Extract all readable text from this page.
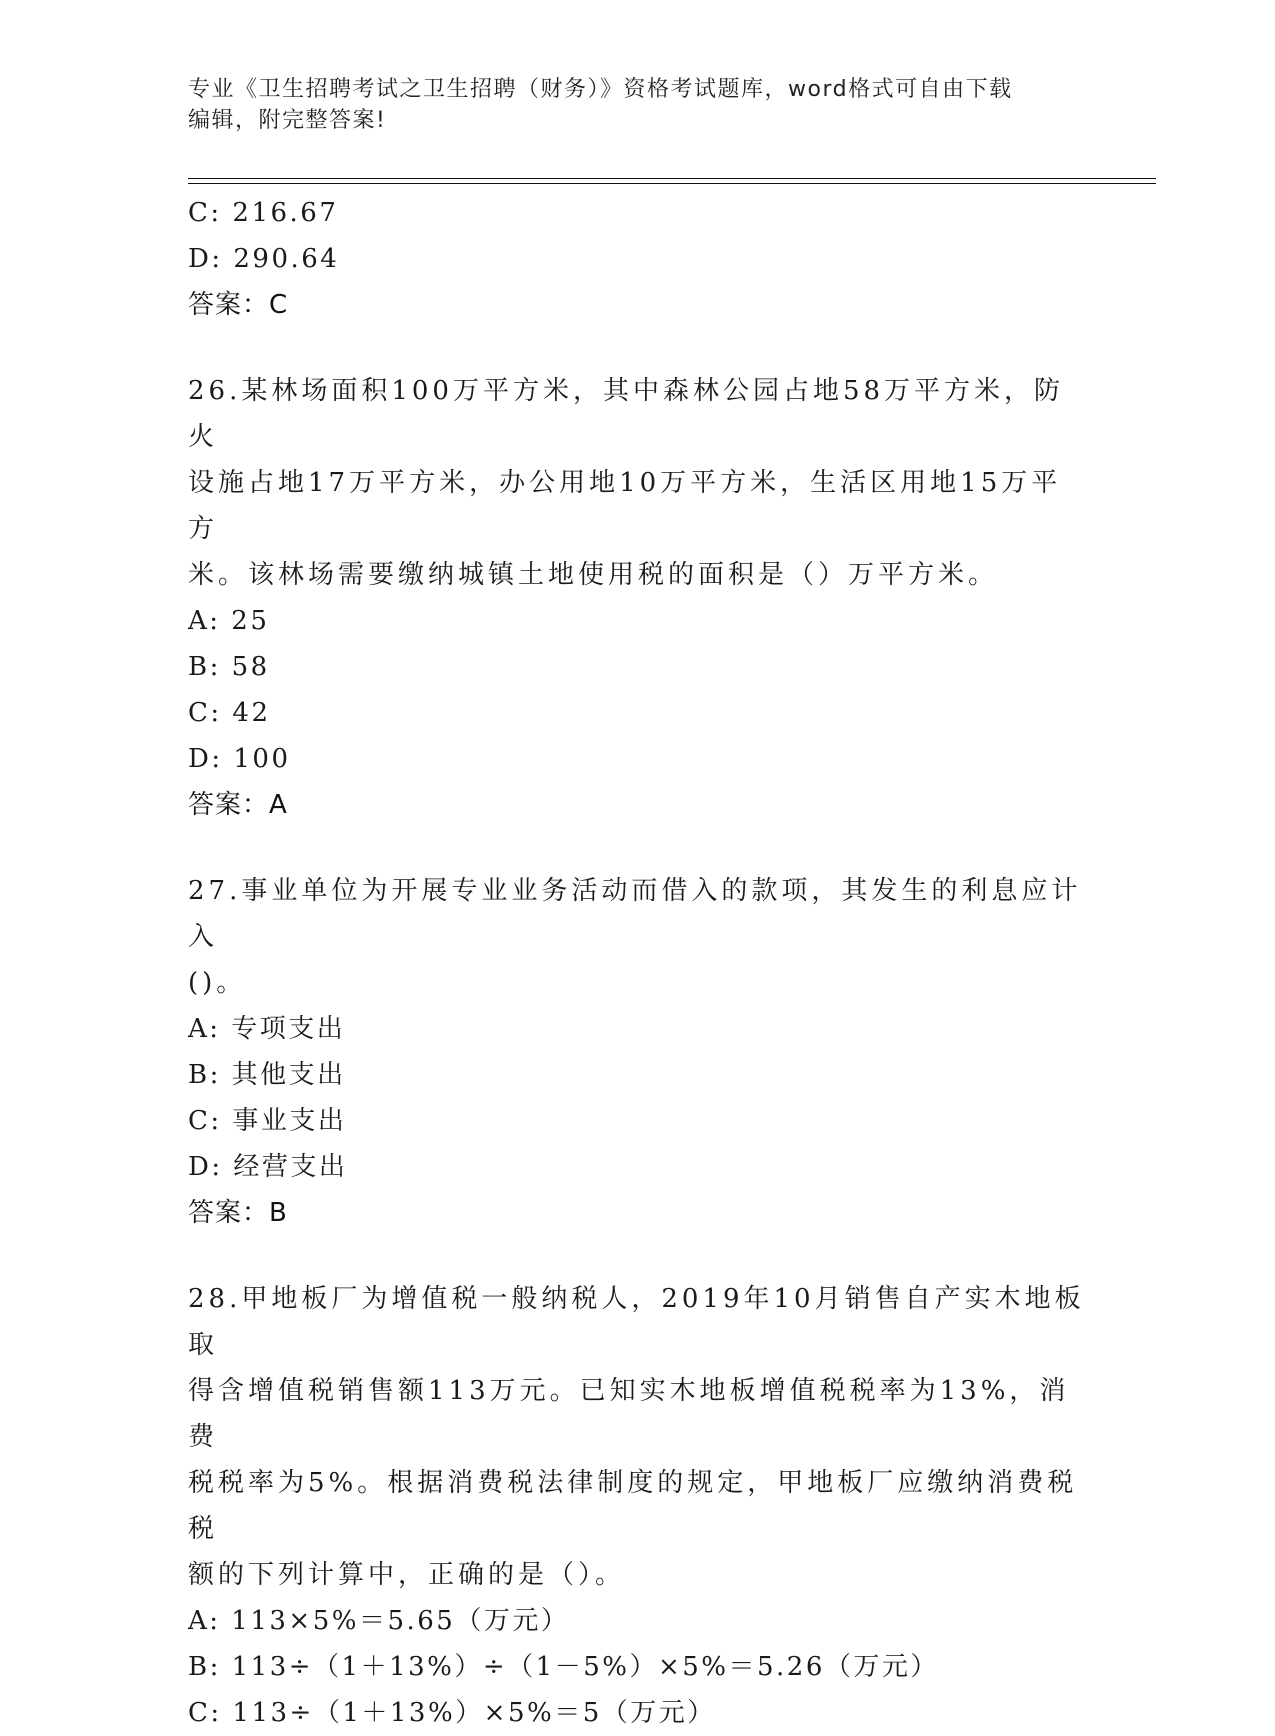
专业《卫生招聘考试之卫生招聘（财务）》资格考试题库，word格式可自由下载
编辑，附完整答案!
C: 216.67
D: 290.64
答案：C
26.某林场面积100万平方米，其中森林公园占地58万平方米，防火
设施占地17万平方米，办公用地10万平方米，生活区用地15万平方
米。该林场需要缴纳城镇土地使用税的面积是（）万平方米。
A: 25
B: 58
C: 42
D: 100
答案：A
27.事业单位为开展专业业务活动而借入的款项，其发生的利息应计入
()。
A: 专项支出
B: 其他支出
C: 事业支出
D: 经营支出
答案：B
28.甲地板厂为增值税一般纳税人，2019年10月销售自产实木地板取
得含增值税销售额113万元。已知实木地板增值税税率为13%，消费
税税率为5%。根据消费税法律制度的规定，甲地板厂应缴纳消费税税
额的下列计算中，正确的是（）。
A: 113×5%＝5.65（万元）
B: 113÷（1＋13%）÷（1－5%）×5%＝5.26（万元）
C: 113÷（1＋13%）×5%＝5（万元）
